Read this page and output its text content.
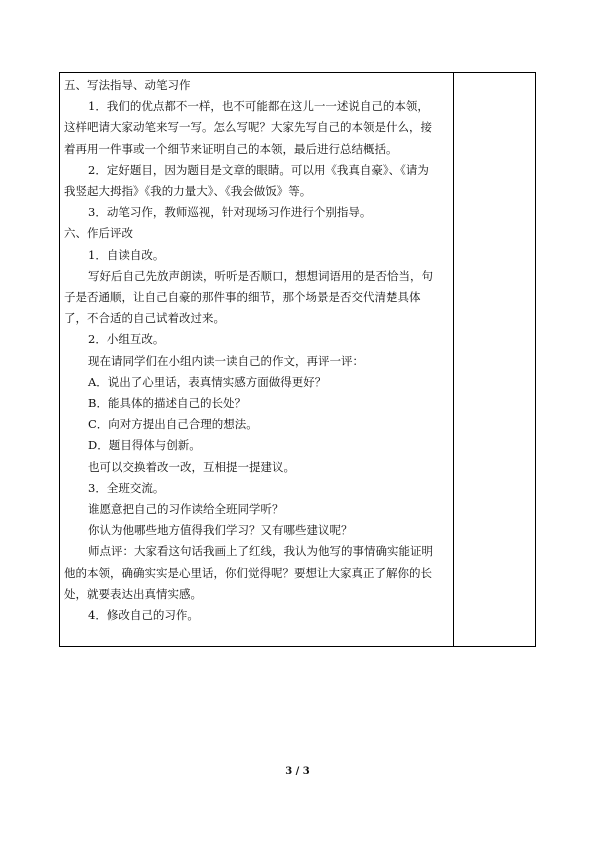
五、写法指导、动笔习作

1．我们的优点都不一样，也不可能都在这儿一一述说自己的本领，

这样吧请大家动笔来写一写。怎么写呢？大家先写自己的本领是什么，接

着再用一件事或一个细节来证明自己的本领，最后进行总结概括。

2．定好题目，因为题目是文章的眼睛。可以用《我真自豪》、《请为

我竖起大拇指》《我的力量大》、《我会做饭》等。

3．动笔习作，教师巡视，针对现场习作进行个别指导。

六、作后评改

1．自读自改。

写好后自己先放声朗读，听听是否顺口，想想词语用的是否恰当，句

子是否通顺，让自己自豪的那件事的细节，那个场景是否交代清楚具体

了，不合适的自己试着改过来。

2．小组互改。

现在请同学们在小组内读一读自己的作文，再评一评：

A．说出了心里话，表真情实感方面做得更好？

B．能具体的描述自己的长处？

C．向对方提出自己合理的想法。

D．题目得体与创新。

也可以交换着改一改，互相提一提建议。

3．全班交流。

谁愿意把自己的习作读给全班同学听？

你认为他哪些地方值得我们学习？又有哪些建议呢？

师点评：大家看这句话我画上了红线，我认为他写的事情确实能证明

他的本领，确确实实是心里话，你们觉得呢？要想让大家真正了解你的长

处，就要表达出真情实感。

4．修改自己的习作。

3 / 3
